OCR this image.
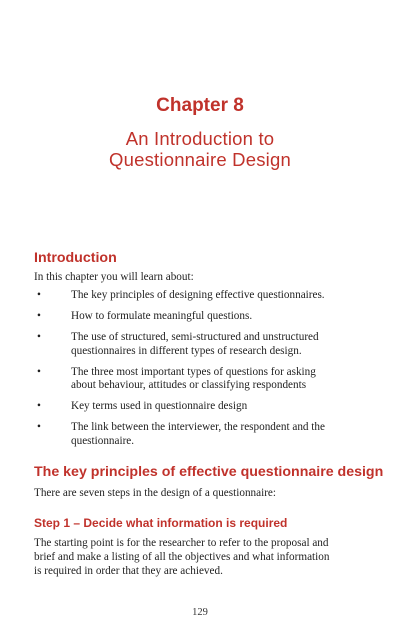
Chapter 8
An Introduction to
Questionnaire Design
Introduction
In this chapter you will learn about:
•	The key principles of designing effective questionnaires.
•	How to formulate meaningful questions.
•	The use of structured, semi-structured and unstructured
questionnaires in different types of research design.
•	The three most important types of questions for asking
about behaviour, attitudes or classifying respondents
•	Key terms used in questionnaire design
•	The link between the interviewer, the respondent and the
questionnaire.
The key principles of effective questionnaire design
There are seven steps in the design of a questionnaire:
Step 1 – Decide what information is required
The starting point is for the researcher to refer to the proposal and
brief and make a listing of all the objectives and what information
is required in order that they are achieved.
129
